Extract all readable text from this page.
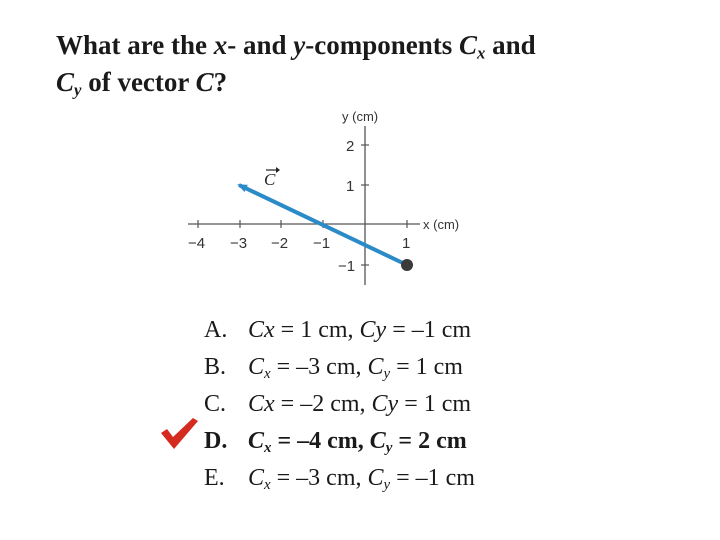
What are the x- and y-components $C_x$ and
$C_y$ of vector C?
y (cm)
x (cm)
−4 −3 −2 −1	1
2
1
−1
C
A. Cx = 1 cm, Cy = –1 cm
B. $C_x = -3$ cm, $C_y = 1$ cm
C. Cx = –2 cm, Cy = 1 cm
D. $C_x = -4$ cm, $C_y = 2$ cm
E. $C_x = -3$ cm, $C_y = -1$ cm
